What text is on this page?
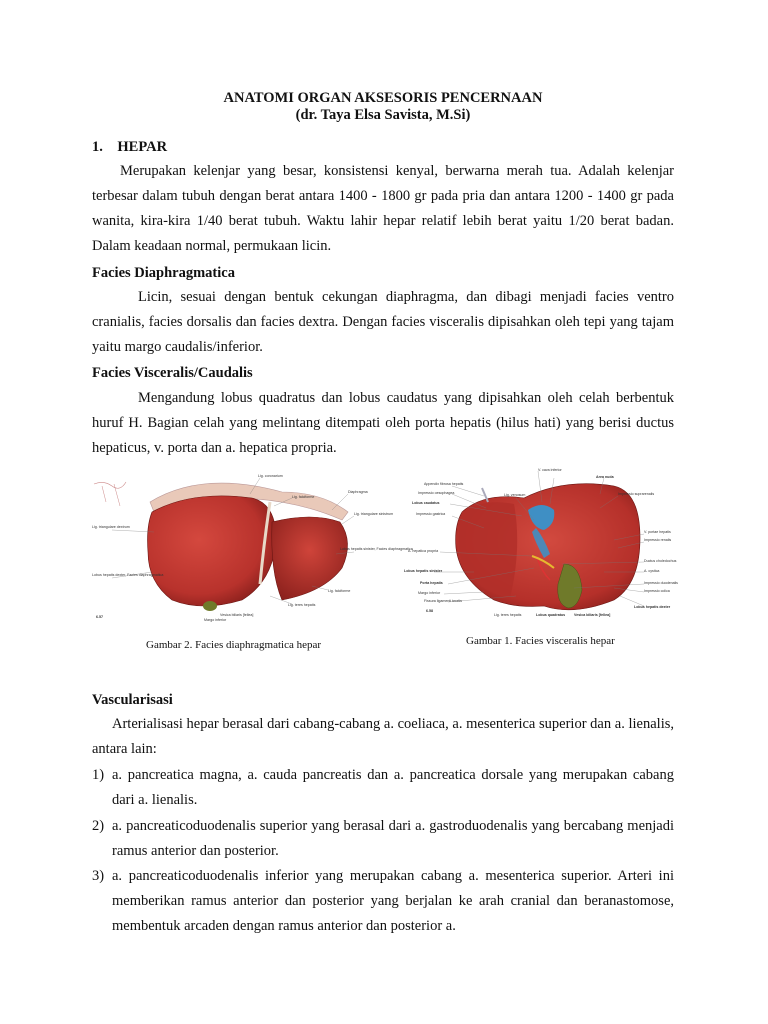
ANATOMI ORGAN AKSESORIS PENCERNAAN
(dr. Taya Elsa Savista, M.Si)
1.    HEPAR

Merupakan kelenjar yang besar, konsistensi kenyal, berwarna merah tua. Adalah kelenjar terbesar dalam tubuh dengan berat antara 1400 - 1800 gr pada pria dan antara 1200 - 1400 gr pada wanita, kira-kira 1/40 berat tubuh. Waktu lahir hepar relatif lebih berat yaitu 1/20 berat badan. Dalam keadaan normal, permukaan licin.

Facies Diaphragmatica

Licin, sesuai dengan bentuk cekungan diaphragma, dan dibagi menjadi facies ventro cranialis, facies dorsalis dan facies dextra. Dengan facies visceralis dipisahkan oleh tepi yang tajam yaitu margo caudalis/inferior.

Facies Visceralis/Caudalis

Mengandung lobus quadratus dan lobus caudatus yang dipisahkan oleh celah berbentuk huruf H. Bagian celah yang melintang ditempati oleh porta hepatis (hilus hati) yang berisi ductus hepaticus, v. porta dan a. hepatica propria.

Vascularisasi

Arterialisasi hepar berasal dari cabang-cabang a. coeliaca, a. mesenterica superior dan a. lienalis, antara lain:

1) a. pancreatica magna, a. cauda pancreatis dan a. pancreatica dorsale yang merupakan cabang dari a. lienalis.
2) a. pancreaticoduodenalis superior yang berasal dari a. gastroduodenalis yang bercabang menjadi ramus anterior dan posterior.
3) a. pancreaticoduodenalis inferior yang merupakan cabang a. mesenterica superior. Arteri ini memberikan ramus anterior dan posterior yang berjalan ke arah cranial dan beranastomose, membentuk arcaden dengan ramus anterior dan posterior a.
Lig. coronarium
Lig. falciforme
Diaphragma
Lig. triangulare sinistrum
Lig. triangulare dextrum
Lobus hepatis sinister, Facies diaphragmatica
Lobus hepatis dexter, Facies diaphragmatica
Lig. falciforme
Lig. teres hepatis
Vesica biliaris [fellea]
Margo inferior
6.57
Gambar 2. Facies diaphragmatica hepar
V. cava inferior
Appendix fibrosa hepatis
Impressio oesophagea
Lobus caudatus
Impressio gastrica
Lig. venosum
Area nuda
Impressio suprarenalis
V. portae hepatis
Impressio renalis
A. hepatica propria
Lobus hepatis sinister
Porta hepatis
Margo inferior
Fissura ligamenti teretis
Lig. teres hepatis	Lobus quadratus Vesica biliaris [fellea]
Impressio duodenalis
Impressio colica
Lobus hepatis dexter
Ductus choledochus
A. cystica
6.58
Gambar 1. Facies visceralis hepar
